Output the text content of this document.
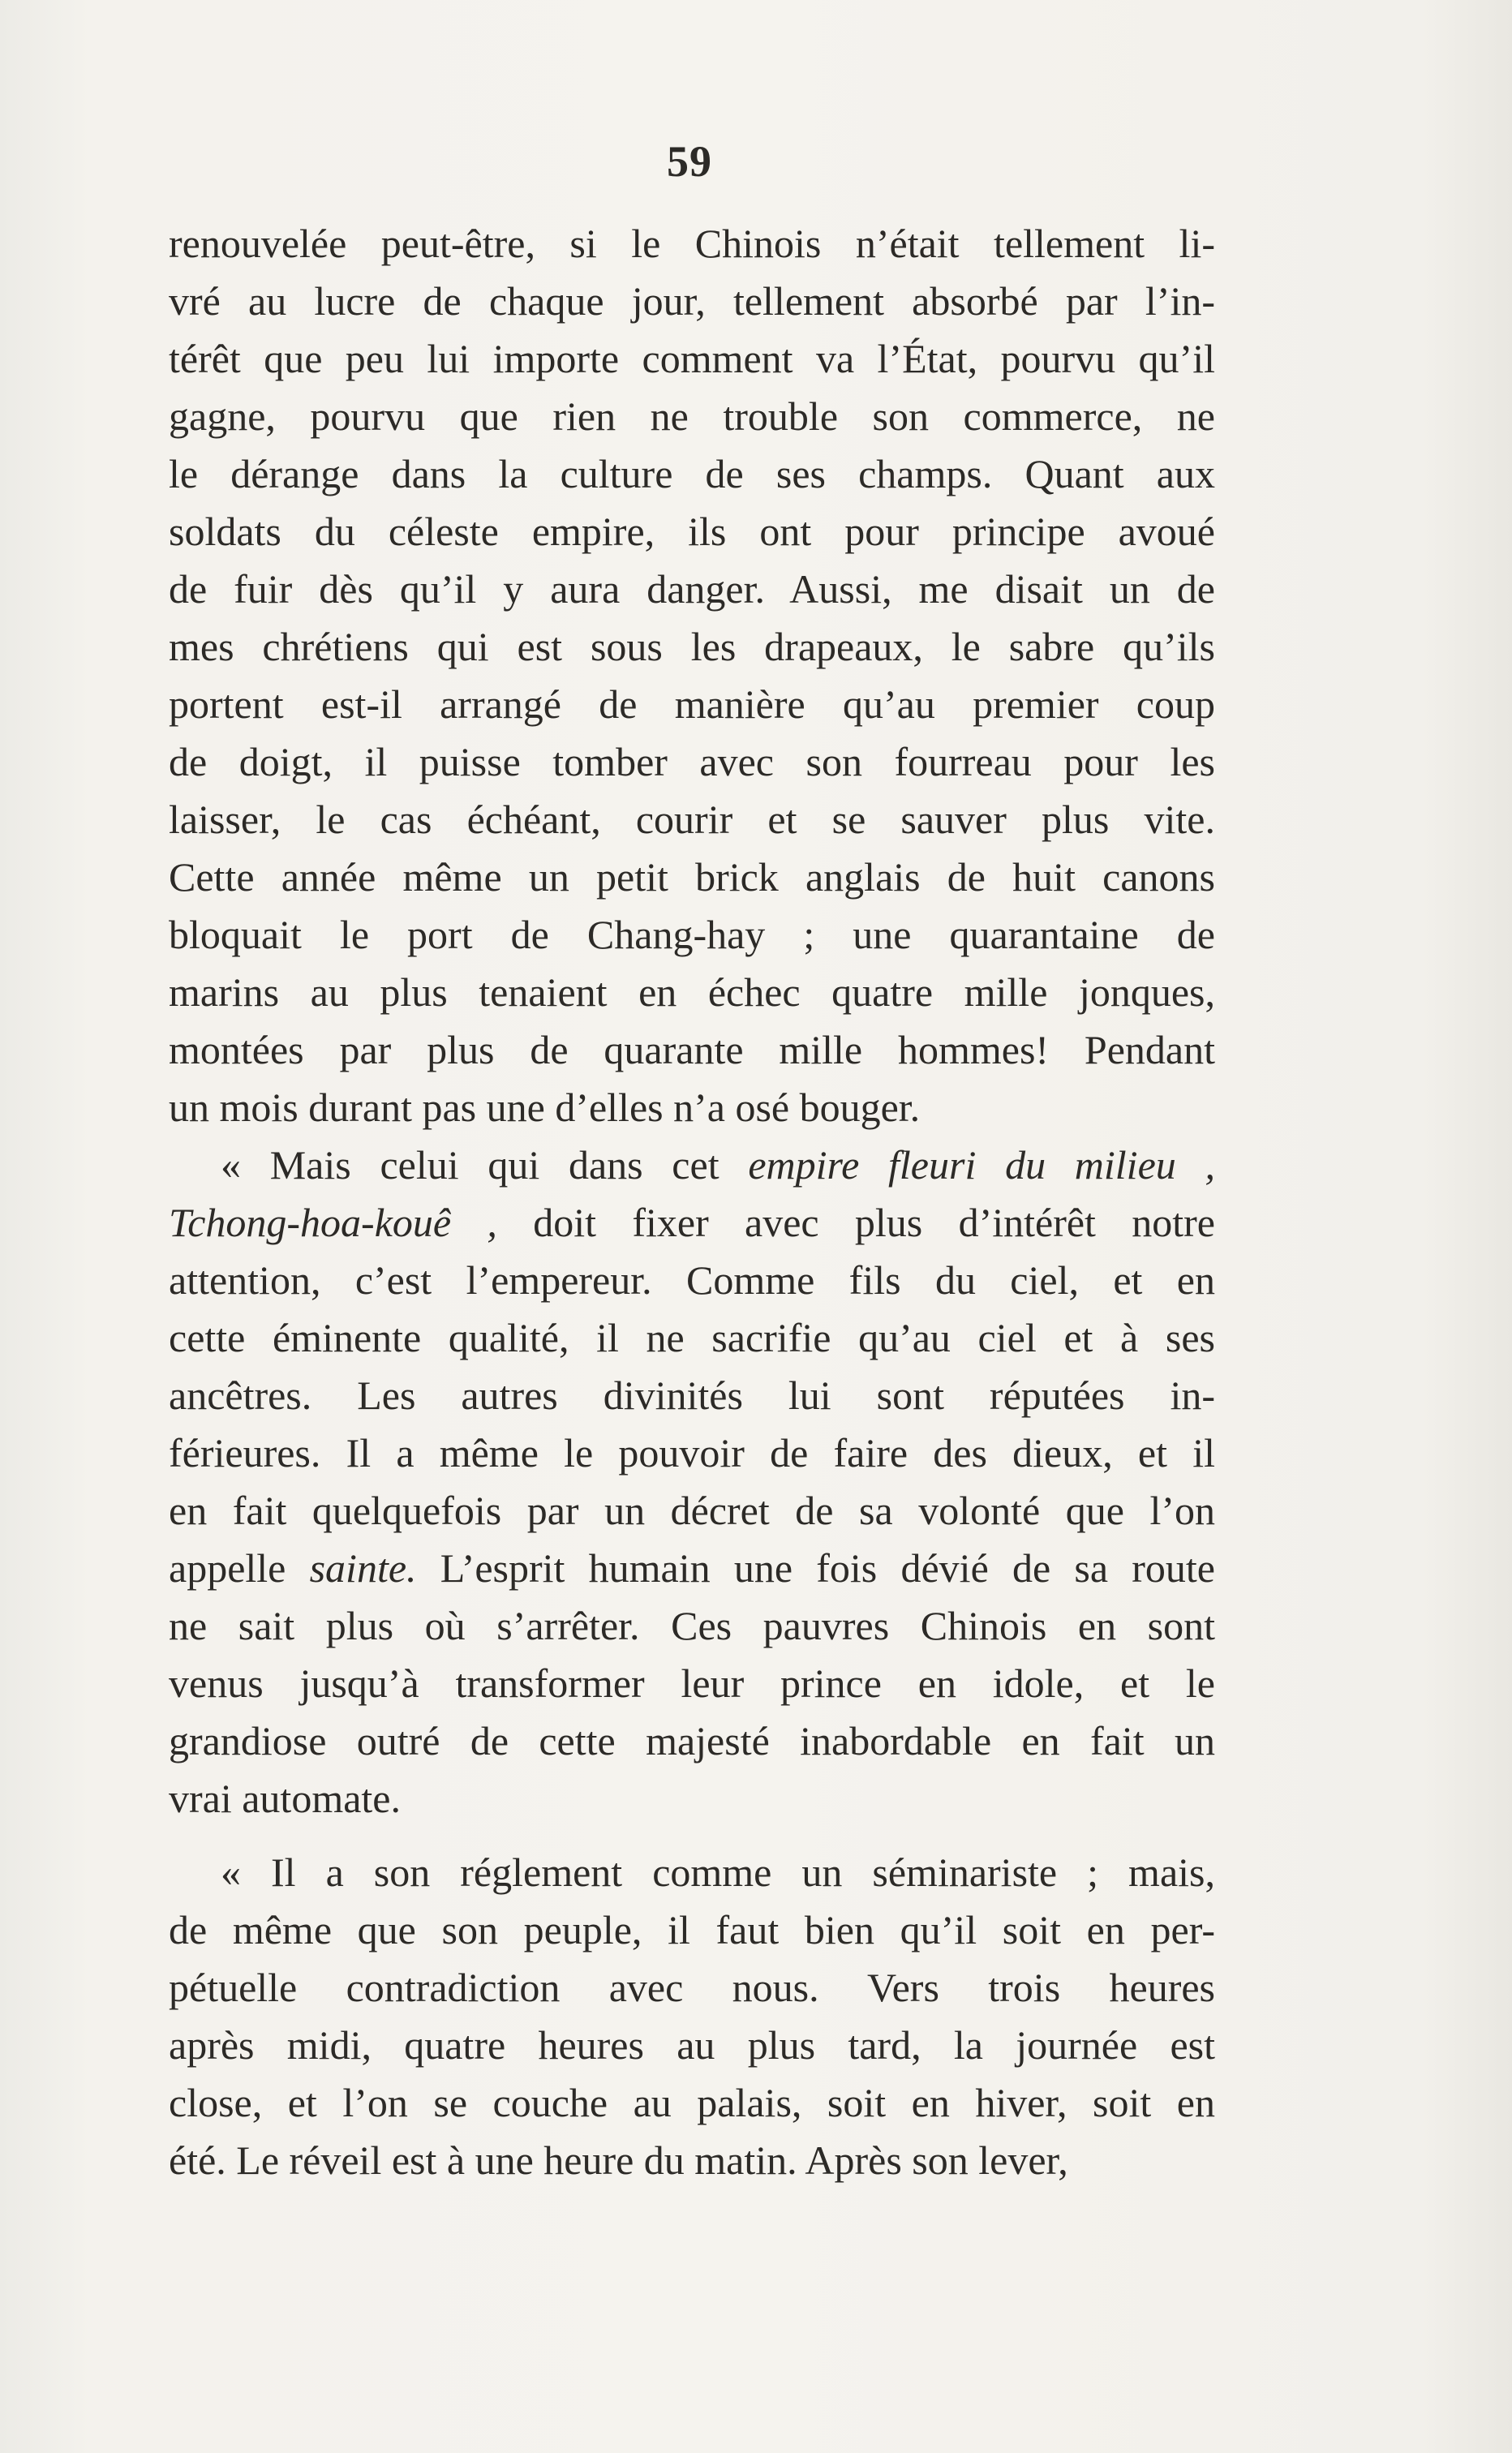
59
renouvelée peut-être, si le Chinois n’était tellement li-
vré au lucre de chaque jour, tellement absorbé par l’in-
térêt que peu lui importe comment va l’État, pourvu qu’il
gagne, pourvu que rien ne trouble son commerce, ne
le dérange dans la culture de ses champs. Quant aux
soldats du céleste empire, ils ont pour principe avoué
de fuir dès qu’il y aura danger. Aussi, me disait un de
mes chrétiens qui est sous les drapeaux, le sabre qu’ils
portent est-il arrangé de manière qu’au premier coup
de doigt, il puisse tomber avec son fourreau pour les
laisser, le cas échéant, courir et se sauver plus vite.
Cette année même un petit brick anglais de huit canons
bloquait le port de Chang-hay ; une quarantaine de
marins au plus tenaient en échec quatre mille jonques,
montées par plus de quarante mille hommes! Pendant
un mois durant pas une d’elles n’a osé bouger.
« Mais celui qui dans cet empire fleuri du milieu ,
Tchong-hoa-kouê , doit fixer avec plus d’intérêt notre
attention, c’est l’empereur. Comme fils du ciel, et en
cette éminente qualité, il ne sacrifie qu’au ciel et à ses
ancêtres. Les autres divinités lui sont réputées in-
férieures. Il a même le pouvoir de faire des dieux, et il
en fait quelquefois par un décret de sa volonté que l’on
appelle sainte. L’esprit humain une fois dévié de sa route
ne sait plus où s’arrêter. Ces pauvres Chinois en sont
venus jusqu’à transformer leur prince en idole, et le
grandiose outré de cette majesté inabordable en fait un
vrai automate.
« Il a son réglement comme un séminariste ; mais,
de même que son peuple, il faut bien qu’il soit en per-
pétuelle contradiction avec nous. Vers trois heures
après midi, quatre heures au plus tard, la journée est
close, et l’on se couche au palais, soit en hiver, soit en
été. Le réveil est à une heure du matin. Après son lever,
